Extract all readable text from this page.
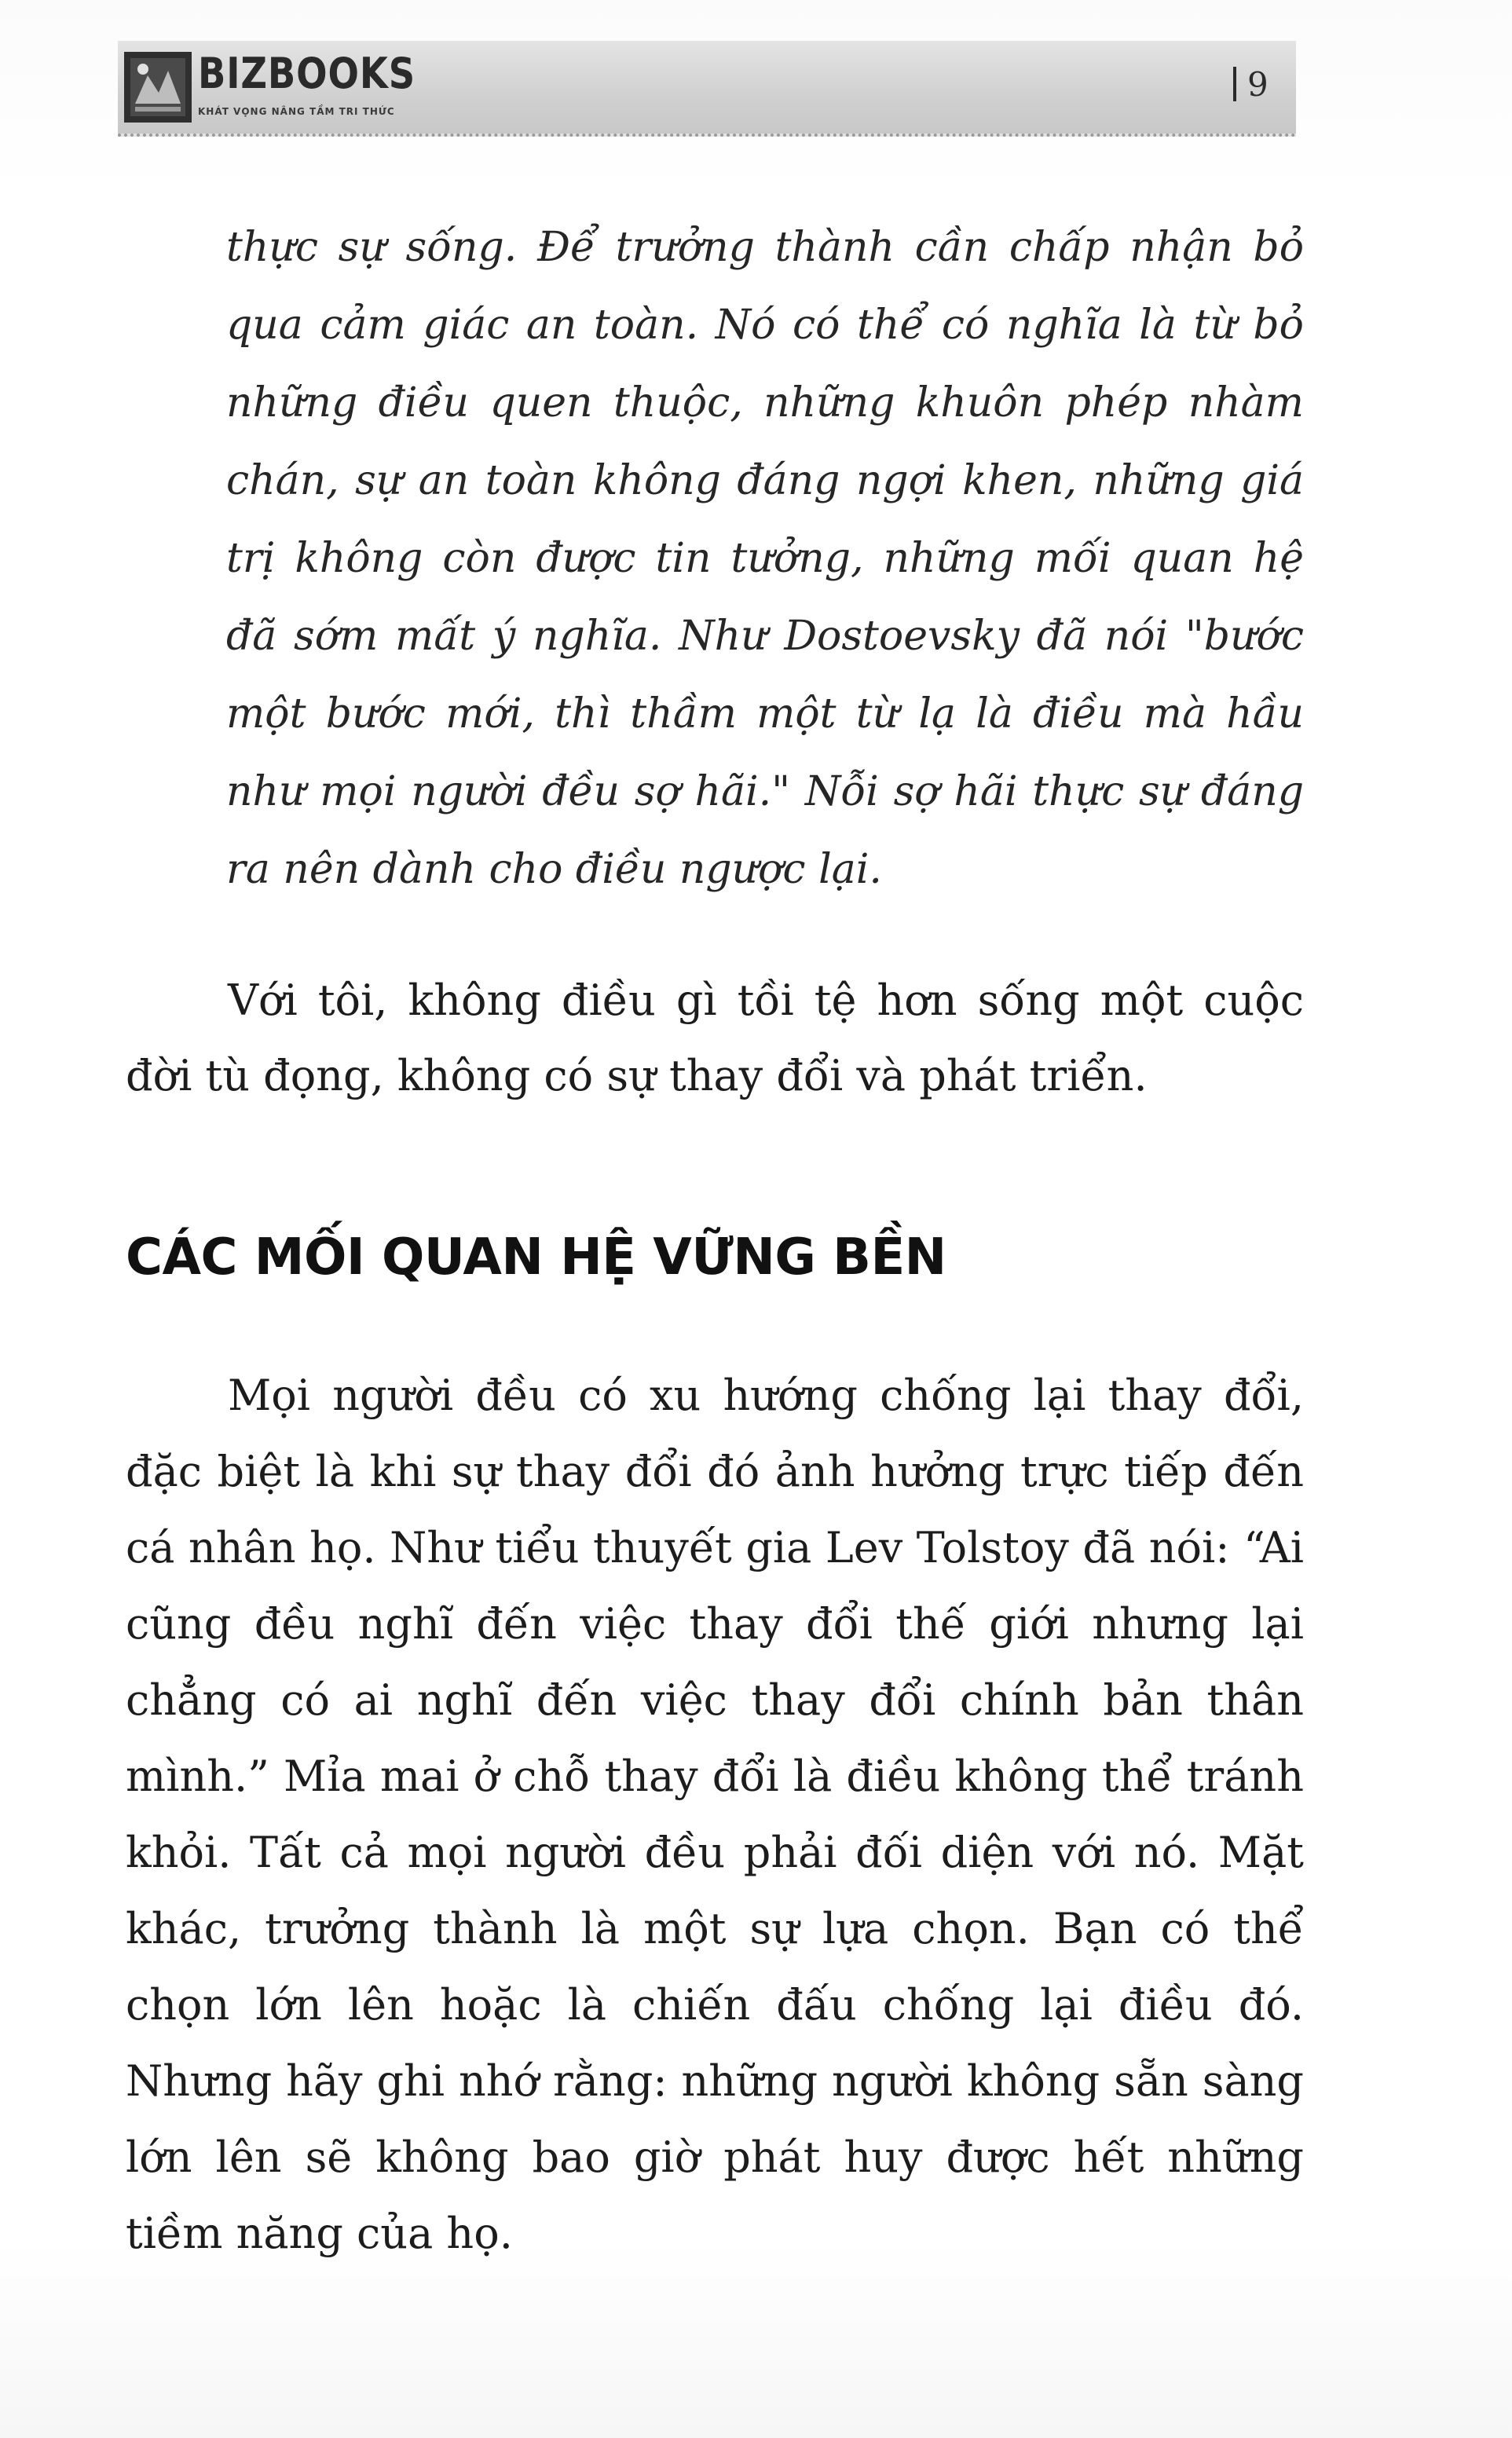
BIZBOOKS
KHÁT VỌNG NÂNG TẦM TRI THỨC
9

thực sự sống. Để trưởng thành cần chấp nhận bỏ qua cảm giác an toàn. Nó có thể có nghĩa là từ bỏ những điều quen thuộc, những khuôn phép nhàm chán, sự an toàn không đáng ngợi khen, những giá trị không còn được tin tưởng, những mối quan hệ đã sớm mất ý nghĩa. Như Dostoevsky đã nói "bước một bước mới, thì thầm một từ lạ là điều mà hầu như mọi người đều sợ hãi." Nỗi sợ hãi thực sự đáng ra nên dành cho điều ngược lại.

Với tôi, không điều gì tồi tệ hơn sống một cuộc đời tù đọng, không có sự thay đổi và phát triển.

CÁC MỐI QUAN HỆ VỮNG BỀN

Mọi người đều có xu hướng chống lại thay đổi, đặc biệt là khi sự thay đổi đó ảnh hưởng trực tiếp đến cá nhân họ. Như tiểu thuyết gia Lev Tolstoy đã nói: “Ai cũng đều nghĩ đến việc thay đổi thế giới nhưng lại chẳng có ai nghĩ đến việc thay đổi chính bản thân mình.” Mỉa mai ở chỗ thay đổi là điều không thể tránh khỏi. Tất cả mọi người đều phải đối diện với nó. Mặt khác, trưởng thành là một sự lựa chọn. Bạn có thể chọn lớn lên hoặc là chiến đấu chống lại điều đó. Nhưng hãy ghi nhớ rằng: những người không sẵn sàng lớn lên sẽ không bao giờ phát huy được hết những tiềm năng của họ.
